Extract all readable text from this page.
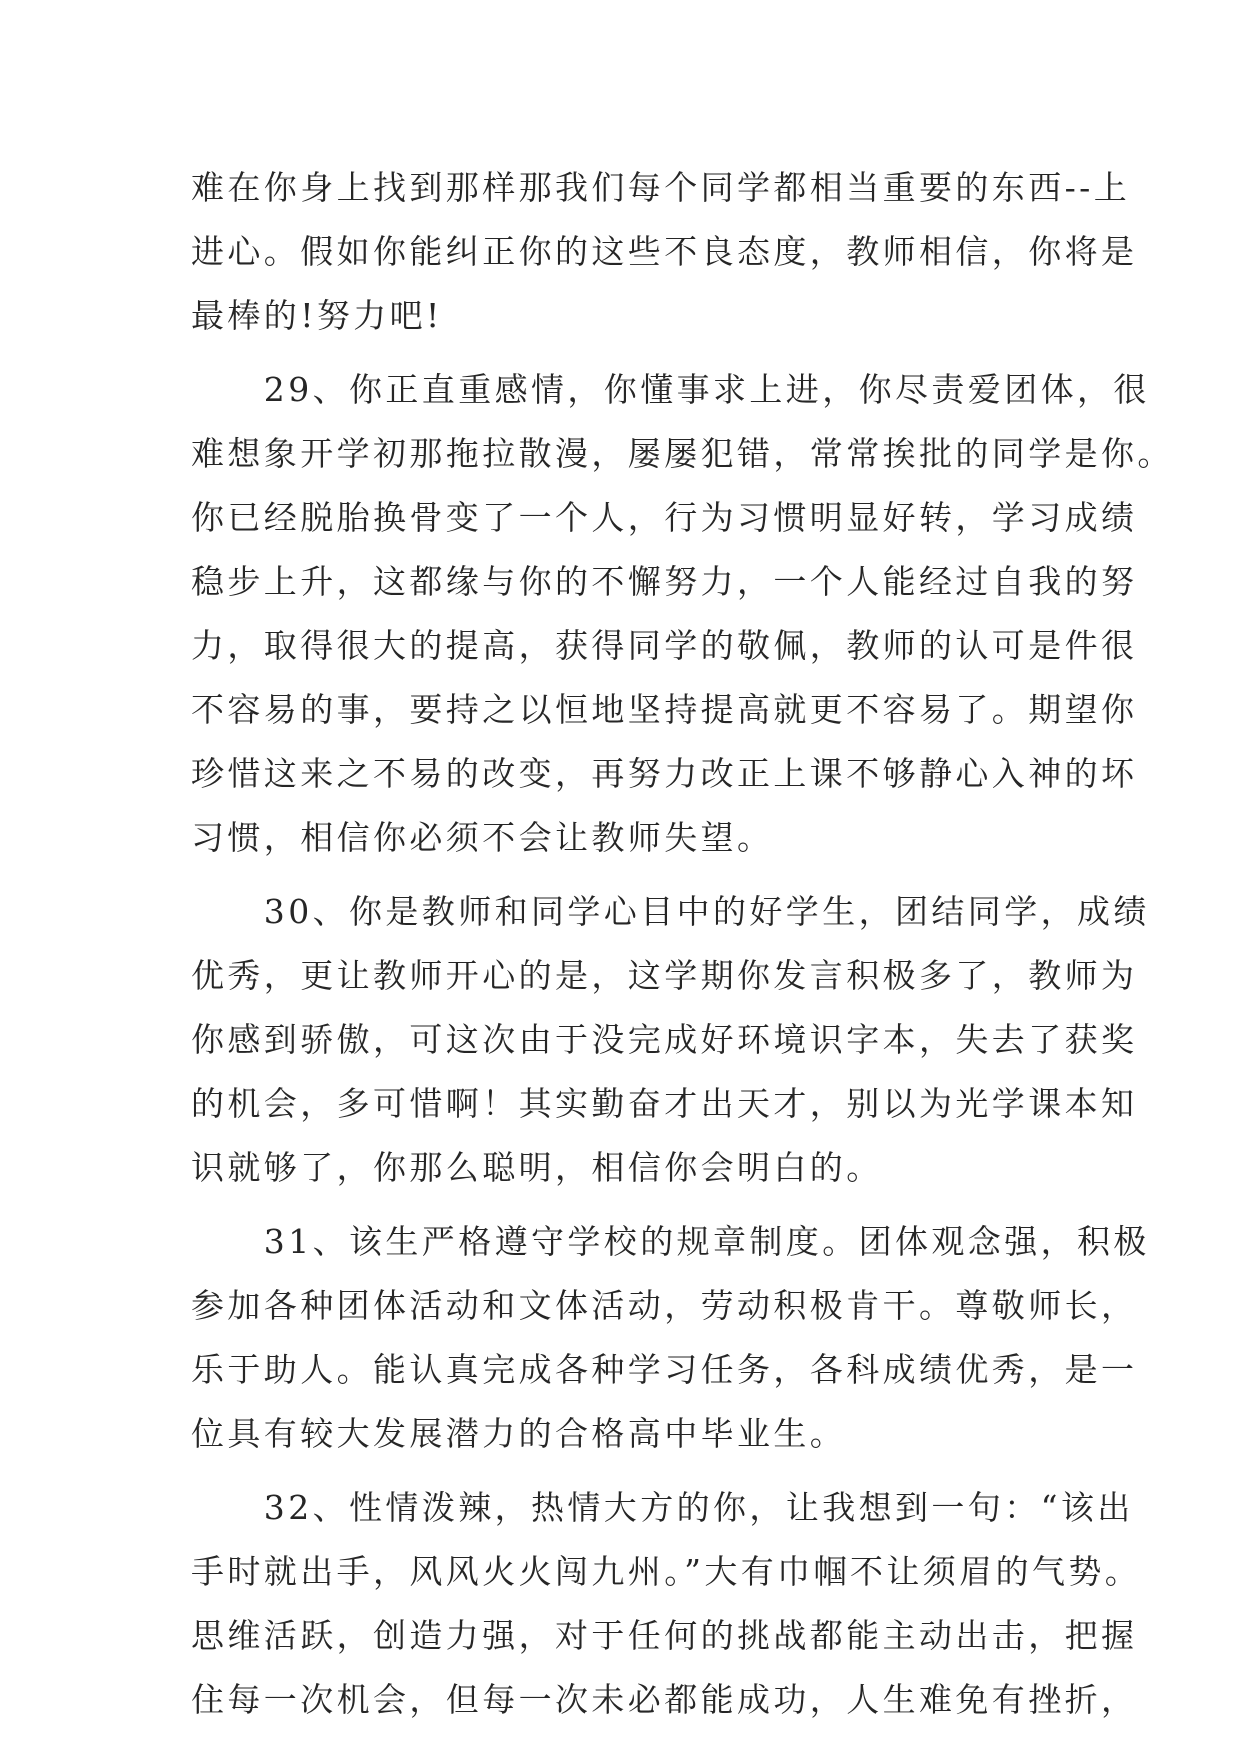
难在你身上找到那样那我们每个同学都相当重要的东西--上
进心。假如你能纠正你的这些不良态度，教师相信，你将是
最棒的!努力吧!
　　29、你正直重感情，你懂事求上进，你尽责爱团体，很
难想象开学初那拖拉散漫，屡屡犯错，常常挨批的同学是你。
你已经脱胎换骨变了一个人，行为习惯明显好转，学习成绩
稳步上升，这都缘与你的不懈努力，一个人能经过自我的努
力，取得很大的提高，获得同学的敬佩，教师的认可是件很
不容易的事，要持之以恒地坚持提高就更不容易了。期望你
珍惜这来之不易的改变，再努力改正上课不够静心入神的坏
习惯，相信你必须不会让教师失望。
　　30、你是教师和同学心目中的好学生，团结同学，成绩
优秀，更让教师开心的是，这学期你发言积极多了，教师为
你感到骄傲，可这次由于没完成好环境识字本，失去了获奖
的机会，多可惜啊！其实勤奋才出天才，别以为光学课本知
识就够了，你那么聪明，相信你会明白的。
　　31、该生严格遵守学校的规章制度。团体观念强，积极
参加各种团体活动和文体活动，劳动积极肯干。尊敬师长，
乐于助人。能认真完成各种学习任务，各科成绩优秀，是一
位具有较大发展潜力的合格高中毕业生。
　　32、性情泼辣，热情大方的你，让我想到一句：“该出
手时就出手，风风火火闯九州。”大有巾帼不让须眉的气势。
思维活跃，创造力强，对于任何的挑战都能主动出击，把握
住每一次机会，但每一次未必都能成功，人生难免有挫折，
